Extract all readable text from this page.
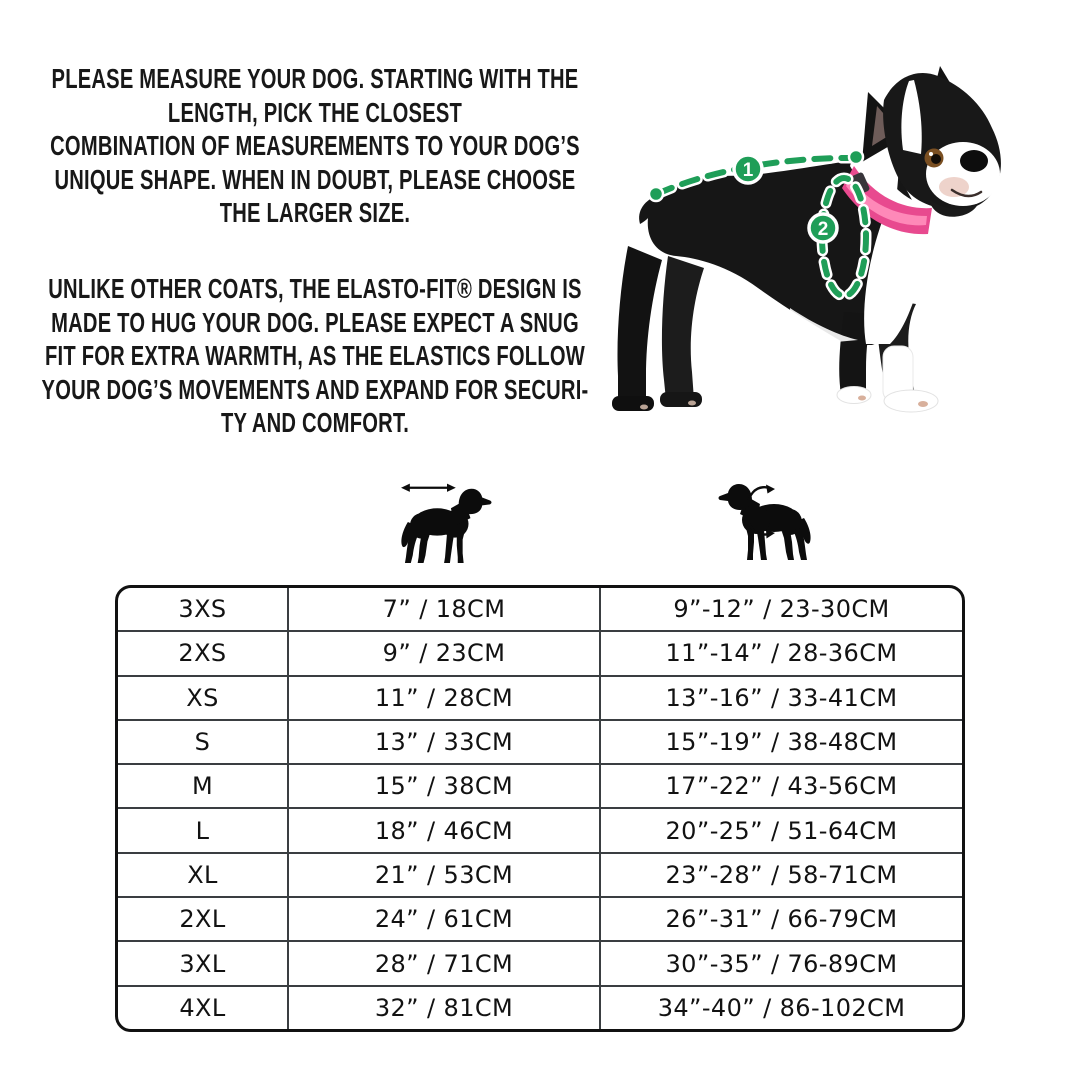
PLEASE MEASURE YOUR DOG. STARTING WITH THE
LENGTH, PICK THE CLOSEST
COMBINATION OF MEASUREMENTS TO YOUR DOG’S
UNIQUE SHAPE. WHEN IN DOUBT, PLEASE CHOOSE
THE LARGER SIZE.
UNLIKE OTHER COATS, THE ELASTO-FIT® DESIGN IS
MADE TO HUG YOUR DOG. PLEASE EXPECT A SNUG
FIT FOR EXTRA WARMTH, AS THE ELASTICS FOLLOW
YOUR DOG’S MOVEMENTS AND EXPAND FOR SECURI-
TY AND COMFORT.
1
2
3XS	7” / 18CM	9”-12” / 23-30CM
2XS	9” / 23CM	11”-14” / 28-36CM
XS	11” / 28CM	13”-16” / 33-41CM
S	13” / 33CM	15”-19” / 38-48CM
M	15” / 38CM	17”-22” / 43-56CM
L	18” / 46CM	20”-25” / 51-64CM
XL	21” / 53CM	23”-28” / 58-71CM
2XL	24” / 61CM	26”-31” / 66-79CM
3XL	28” / 71CM	30”-35” / 76-89CM
4XL	32” / 81CM	34”-40” / 86-102CM
